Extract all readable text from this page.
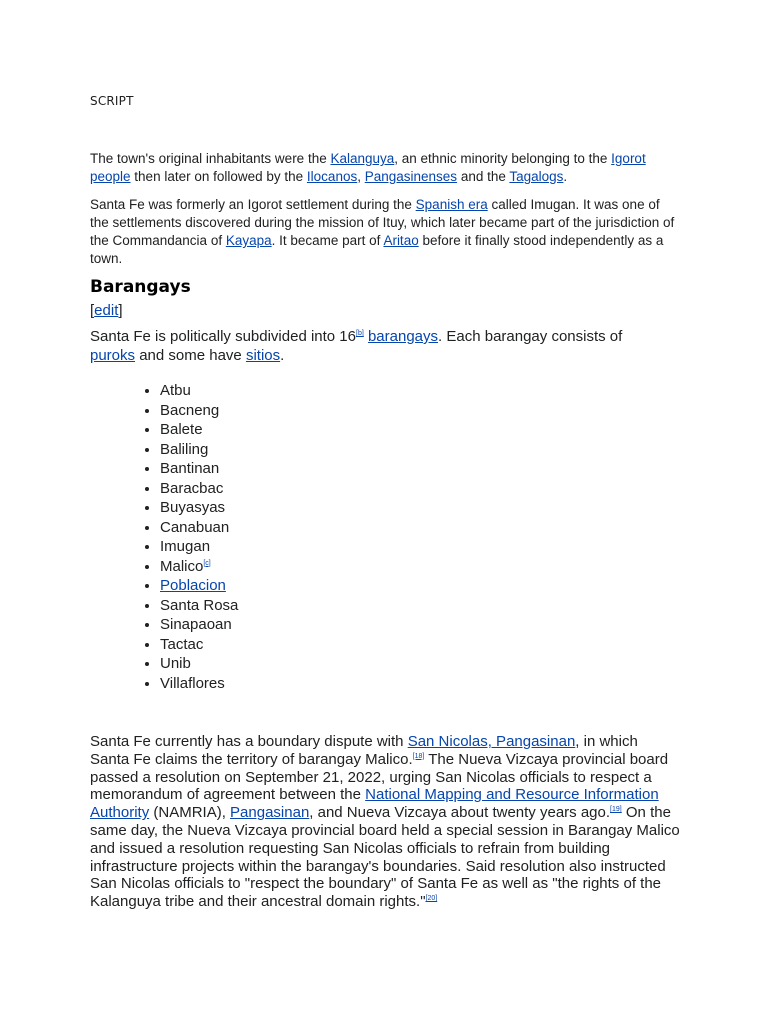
SCRIPT

The town's original inhabitants were the Kalanguya, an ethnic minority belonging to the Igorot people then later on followed by the Ilocanos, Pangasinenses and the Tagalogs.

Santa Fe was formerly an Igorot settlement during the Spanish era called Imugan. It was one of the settlements discovered during the mission of Ituy, which later became part of the jurisdiction of the Commandancia of Kayapa. It became part of Aritao before it finally stood independently as a town.

Barangays
[edit]

Santa Fe is politically subdivided into 16[b] barangays. Each barangay consists of puroks and some have sitios.

• Atbu
• Bacneng
• Balete
• Baliling
• Bantinan
• Baracbac
• Buyasyas
• Canabuan
• Imugan
• Malico[c]
• Poblacion
• Santa Rosa
• Sinapaoan
• Tactac
• Unib
• Villaflores

Santa Fe currently has a boundary dispute with San Nicolas, Pangasinan, in which Santa Fe claims the territory of barangay Malico.[18] The Nueva Vizcaya provincial board passed a resolution on September 21, 2022, urging San Nicolas officials to respect a memorandum of agreement between the National Mapping and Resource Information Authority (NAMRIA), Pangasinan, and Nueva Vizcaya about twenty years ago.[19] On the same day, the Nueva Vizcaya provincial board held a special session in Barangay Malico and issued a resolution requesting San Nicolas officials to refrain from building infrastructure projects within the barangay's boundaries. Said resolution also instructed San Nicolas officials to "respect the boundary" of Santa Fe as well as "the rights of the Kalanguya tribe and their ancestral domain rights."[20]
